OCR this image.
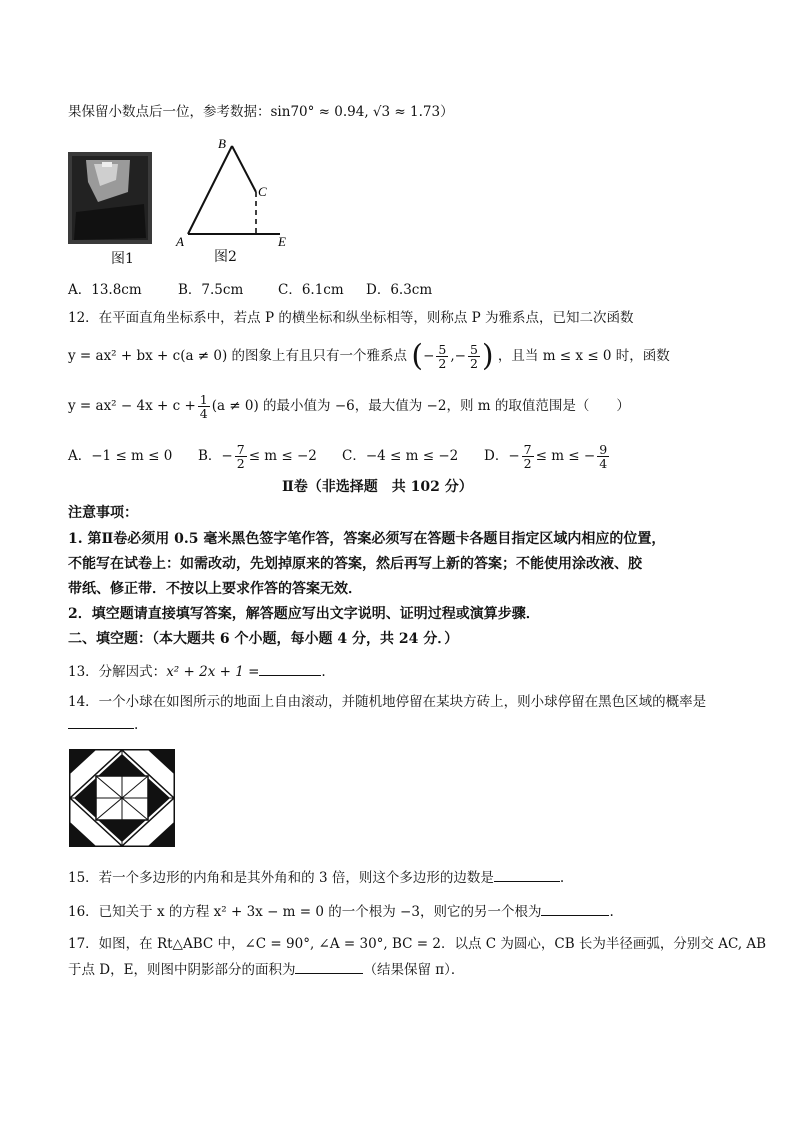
果保留小数点后一位，参考数据：sin70° ≈ 0.94, √3 ≈ 1.73）
图1
A
B
C
E
图2
A．13.8cm	B．7.5cm	C．6.1cm D．6.3cm
12．在平面直角坐标系中，若点 P 的横坐标和纵坐标相等，则称点 P 为雅系点，已知二次函数
y = ax² + bx + c(a ≠ 0) 的图象上有且只有一个雅系点 (− $\frac{5}{2}$ ,− $\frac{5}{2}$ ) ，且当 m ≤ x ≤ 0 时，函数
$y = ax^2 - 4x + c + \frac{1}{4} (a \ne 0)$ 的最小值为 −6，最大值为 −2，则 m 的取值范围是（　　）
A．−1 ≤ m ≤ 0 B．− $\frac{7}{2} \le m \le -2$ C．−4 ≤ m ≤ −2 D．− $\frac{7}{2} \le m$ ≤ − $\frac{9}{4}$
Ⅱ卷（非选择题　共 102 分）
注意事项：
1. 第Ⅱ卷必须用 0.5 毫米黑色签字笔作答，答案必须写在答题卡各题目指定区域内相应的位置，
不能写在试卷上：如需改动，先划掉原来的答案，然后再写上新的答案；不能使用涂改液、胶
带纸、修正带．不按以上要求作答的答案无效．
2．填空题请直接填写答案，解答题应写出文字说明、证明过程或演算步骤．
二、填空题：（本大题共 6 个小题，每小题 4 分，共 24 分．）
13．分解因式：x² + 2x + 1 =	.
14．一个小球在如图所示的地面上自由滚动，并随机地停留在某块方砖上，则小球停留在黑色区域的概率是
.
15．若一个多边形的内角和是其外角和的 3 倍，则这个多边形的边数是	.
16．已知关于 x 的方程 x² + 3x − m = 0 的一个根为 −3，则它的另一个根为	.
17．如图，在 Rt△ABC 中，∠C = 90°, ∠A = 30°, BC = 2．以点 C 为圆心，CB 长为半径画弧，分别交 AC, AB
于点 D，E，则图中阴影部分的面积为	（结果保留 π）．
